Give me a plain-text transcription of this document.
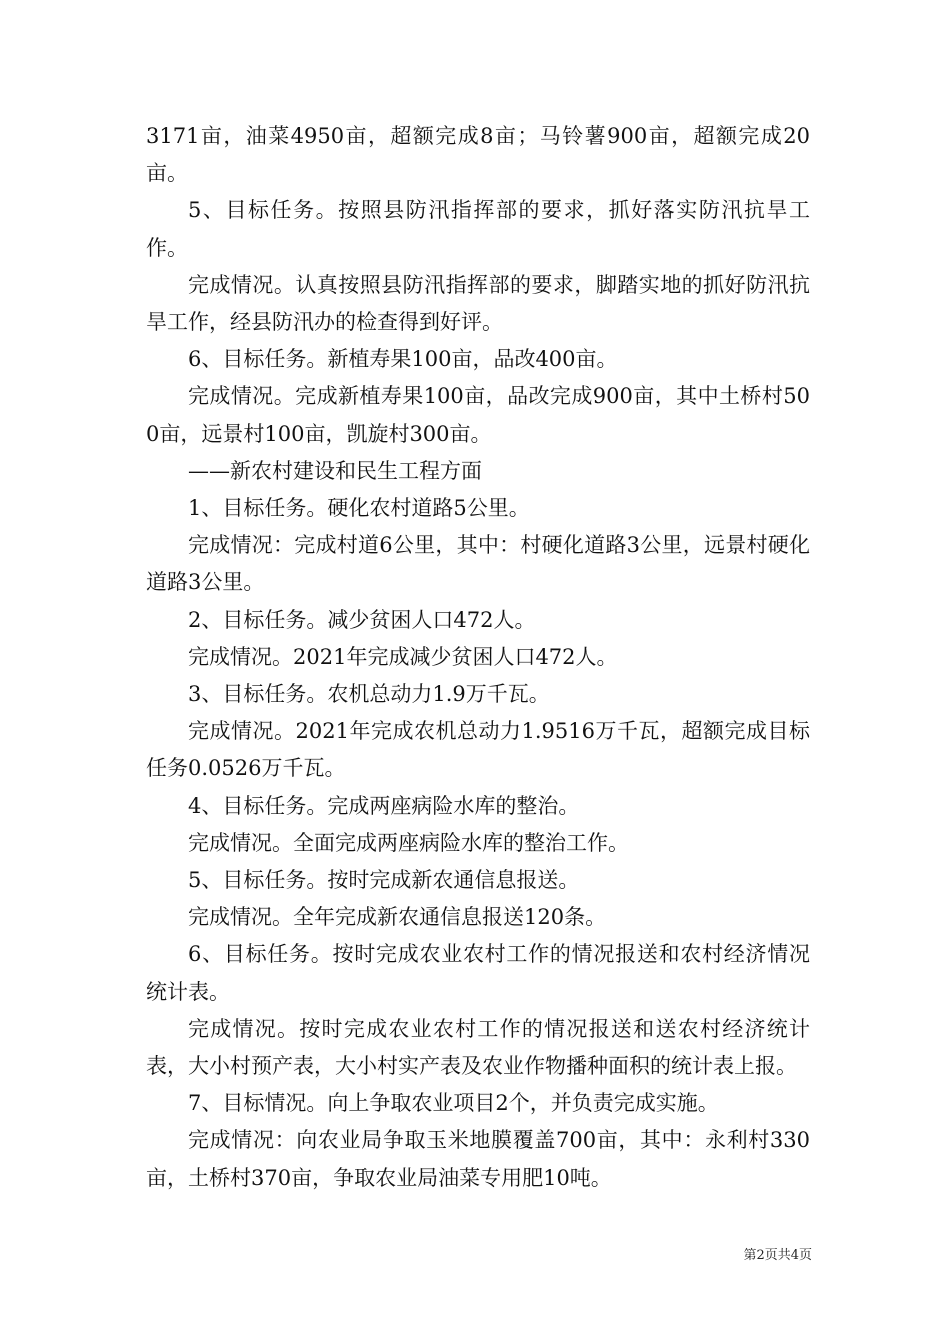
3171亩，油菜4950亩，超额完成8亩；马铃薯900亩，超额完成20亩。

5、目标任务。按照县防汛指挥部的要求，抓好落实防汛抗旱工作。

完成情况。认真按照县防汛指挥部的要求，脚踏实地的抓好防汛抗旱工作，经县防汛办的检查得到好评。

6、目标任务。新植寿果100亩，品改400亩。

完成情况。完成新植寿果100亩，品改完成900亩，其中土桥村500亩，远景村100亩，凯旋村300亩。

——新农村建设和民生工程方面

1、目标任务。硬化农村道路5公里。

完成情况：完成村道6公里，其中：村硬化道路3公里，远景村硬化道路3公里。

2、目标任务。减少贫困人口472人。

完成情况。2021年完成减少贫困人口472人。

3、目标任务。农机总动力1.9万千瓦。

完成情况。2021年完成农机总动力1.9516万千瓦，超额完成目标任务0.0526万千瓦。

4、目标任务。完成两座病险水库的整治。

完成情况。全面完成两座病险水库的整治工作。

5、目标任务。按时完成新农通信息报送。

完成情况。全年完成新农通信息报送120条。

6、目标任务。按时完成农业农村工作的情况报送和农村经济情况统计表。

完成情况。按时完成农业农村工作的情况报送和送农村经济统计表，大小村预产表，大小村实产表及农业作物播种面积的统计表上报。

7、目标情况。向上争取农业项目2个，并负责完成实施。

完成情况：向农业局争取玉米地膜覆盖700亩，其中：永利村330亩，土桥村370亩，争取农业局油菜专用肥10吨。

第2页共4页
